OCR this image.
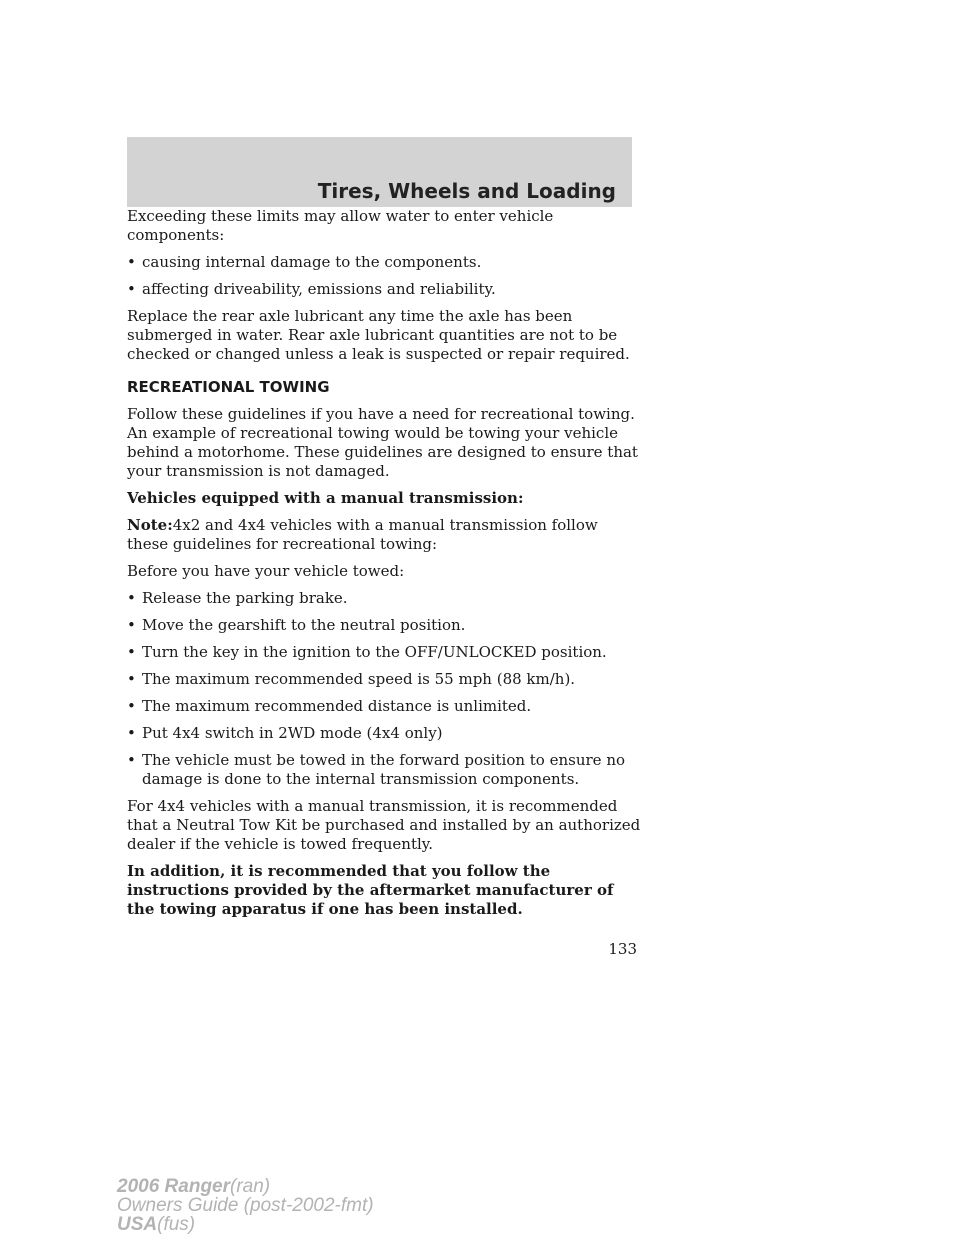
Tires, Wheels and Loading

Exceeding these limits may allow water to enter vehicle components:

• causing internal damage to the components.
• affecting driveability, emissions and reliability.

Replace the rear axle lubricant any time the axle has been submerged in water. Rear axle lubricant quantities are not to be checked or changed unless a leak is suspected or repair required.

RECREATIONAL TOWING

Follow these guidelines if you have a need for recreational towing. An example of recreational towing would be towing your vehicle behind a motorhome. These guidelines are designed to ensure that your transmission is not damaged.

Vehicles equipped with a manual transmission:

Note:4x2 and 4x4 vehicles with a manual transmission follow these guidelines for recreational towing:

Before you have your vehicle towed:

• Release the parking brake.
• Move the gearshift to the neutral position.
• Turn the key in the ignition to the OFF/UNLOCKED position.
• The maximum recommended speed is 55 mph (88 km/h).
• The maximum recommended distance is unlimited.
• Put 4x4 switch in 2WD mode (4x4 only)
• The vehicle must be towed in the forward position to ensure no damage is done to the internal transmission components.

For 4x4 vehicles with a manual transmission, it is recommended that a Neutral Tow Kit be purchased and installed by an authorized dealer if the vehicle is towed frequently.

In addition, it is recommended that you follow the instructions provided by the aftermarket manufacturer of the towing apparatus if one has been installed.

133
2006 Ranger(ran)
Owners Guide (post-2002-fmt)
USA(fus)
